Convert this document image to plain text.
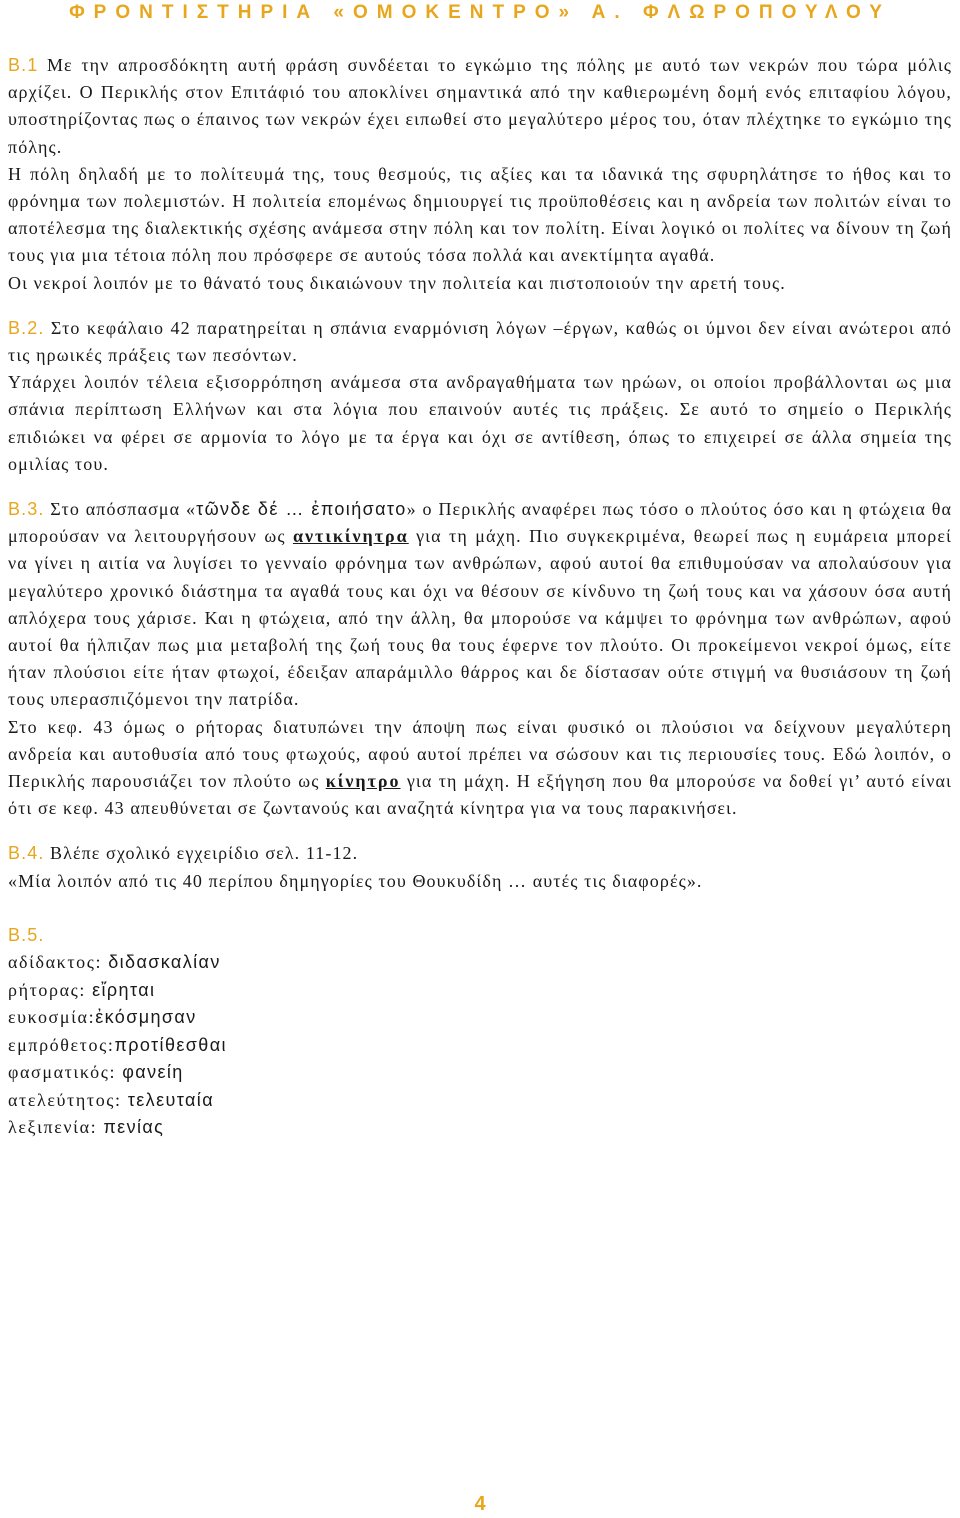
ΦΡΟΝΤΙΣΤΗΡΙΑ «ΟΜΟΚΕΝΤΡΟ» Α. ΦΛΩΡΟΠΟΥΛΟΥ

Β.1 Με την απροσδόκητη αυτή φράση συνδέεται το εγκώμιο της πόλης με αυτό των νεκρών που τώρα μόλις αρχίζει. Ο Περικλής στον Επιτάφιό του αποκλίνει σημαντικά από την καθιερωμένη δομή ενός επιταφίου λόγου, υποστηρίζοντας πως ο έπαινος των νεκρών έχει ειπωθεί στο μεγαλύτερο μέρος του, όταν πλέχτηκε το εγκώμιο της πόλης.

Η πόλη δηλαδή με το πολίτευμά της, τους θεσμούς, τις αξίες και τα ιδανικά της σφυρηλάτησε το ήθος και το φρόνημα των πολεμιστών. Η πολιτεία επομένως δημιουργεί τις προϋποθέσεις και η ανδρεία των πολιτών είναι το αποτέλεσμα της διαλεκτικής σχέσης ανάμεσα στην πόλη και τον πολίτη. Είναι λογικό οι πολίτες να δίνουν τη ζωή τους για μια τέτοια πόλη που πρόσφερε σε αυτούς τόσα πολλά και ανεκτίμητα αγαθά.

Οι νεκροί λοιπόν με το θάνατό τους δικαιώνουν την πολιτεία και πιστοποιούν την αρετή τους.

Β.2. Στο κεφάλαιο 42 παρατηρείται η σπάνια εναρμόνιση λόγων –έργων, καθώς οι ύμνοι δεν είναι ανώτεροι από τις ηρωικές πράξεις των πεσόντων.

Υπάρχει λοιπόν τέλεια εξισορρόπηση ανάμεσα στα ανδραγαθήματα των ηρώων, οι οποίοι προβάλλονται ως μια σπάνια περίπτωση Ελλήνων και στα λόγια που επαινούν αυτές τις πράξεις. Σε αυτό το σημείο ο Περικλής επιδιώκει να φέρει σε αρμονία το λόγο με τα έργα και όχι σε αντίθεση, όπως το επιχειρεί σε άλλα σημεία της ομιλίας του.

Β.3. Στο απόσπασμα «τῶνδε δέ … ἐποιήσατο» ο Περικλής αναφέρει πως τόσο ο πλούτος όσο και η φτώχεια θα μπορούσαν να λειτουργήσουν ως αντικίνητρα για τη μάχη. Πιο συγκεκριμένα, θεωρεί πως η ευμάρεια μπορεί να γίνει η αιτία να λυγίσει το γενναίο φρόνημα των ανθρώπων, αφού αυτοί θα επιθυμούσαν να απολαύσουν για μεγαλύτερο χρονικό διάστημα τα αγαθά τους και όχι να θέσουν σε κίνδυνο τη ζωή τους και να χάσουν όσα αυτή απλόχερα τους χάρισε. Και η φτώχεια, από την άλλη, θα μπορούσε να κάμψει το φρόνημα των ανθρώπων, αφού αυτοί θα ήλπιζαν πως μια μεταβολή της ζωή τους θα τους έφερνε τον πλούτο. Οι προκείμενοι νεκροί όμως, είτε ήταν πλούσιοι είτε ήταν φτωχοί, έδειξαν απαράμιλλο θάρρος και δε δίστασαν ούτε στιγμή να θυσιάσουν τη ζωή τους υπερασπιζόμενοι την πατρίδα.

Στο κεφ. 43 όμως ο ρήτορας διατυπώνει την άποψη πως είναι φυσικό οι πλούσιοι να δείχνουν μεγαλύτερη ανδρεία και αυτοθυσία από τους φτωχούς, αφού αυτοί πρέπει να σώσουν και τις περιουσίες τους. Εδώ λοιπόν, ο Περικλής παρουσιάζει τον πλούτο ως κίνητρο για τη μάχη. Η εξήγηση που θα μπορούσε να δοθεί γι’ αυτό είναι ότι σε κεφ. 43 απευθύνεται σε ζωντανούς και αναζητά κίνητρα για να τους παρακινήσει.

Β.4. Βλέπε σχολικό εγχειρίδιο σελ. 11-12.

«Μία λοιπόν από τις 40 περίπου δημηγορίες του Θουκυδίδη … αυτές τις διαφορές».

Β.5.

αδίδακτος: διδασκαλίαν
ρήτορας: εἴρηται
ευκοσμία:ἐκόσμησαν
εμπρόθετος:προτίθεσθαι
φασματικός: φανείη
ατελεύτητος: τελευταία
λεξιπενία: πενίας
4
